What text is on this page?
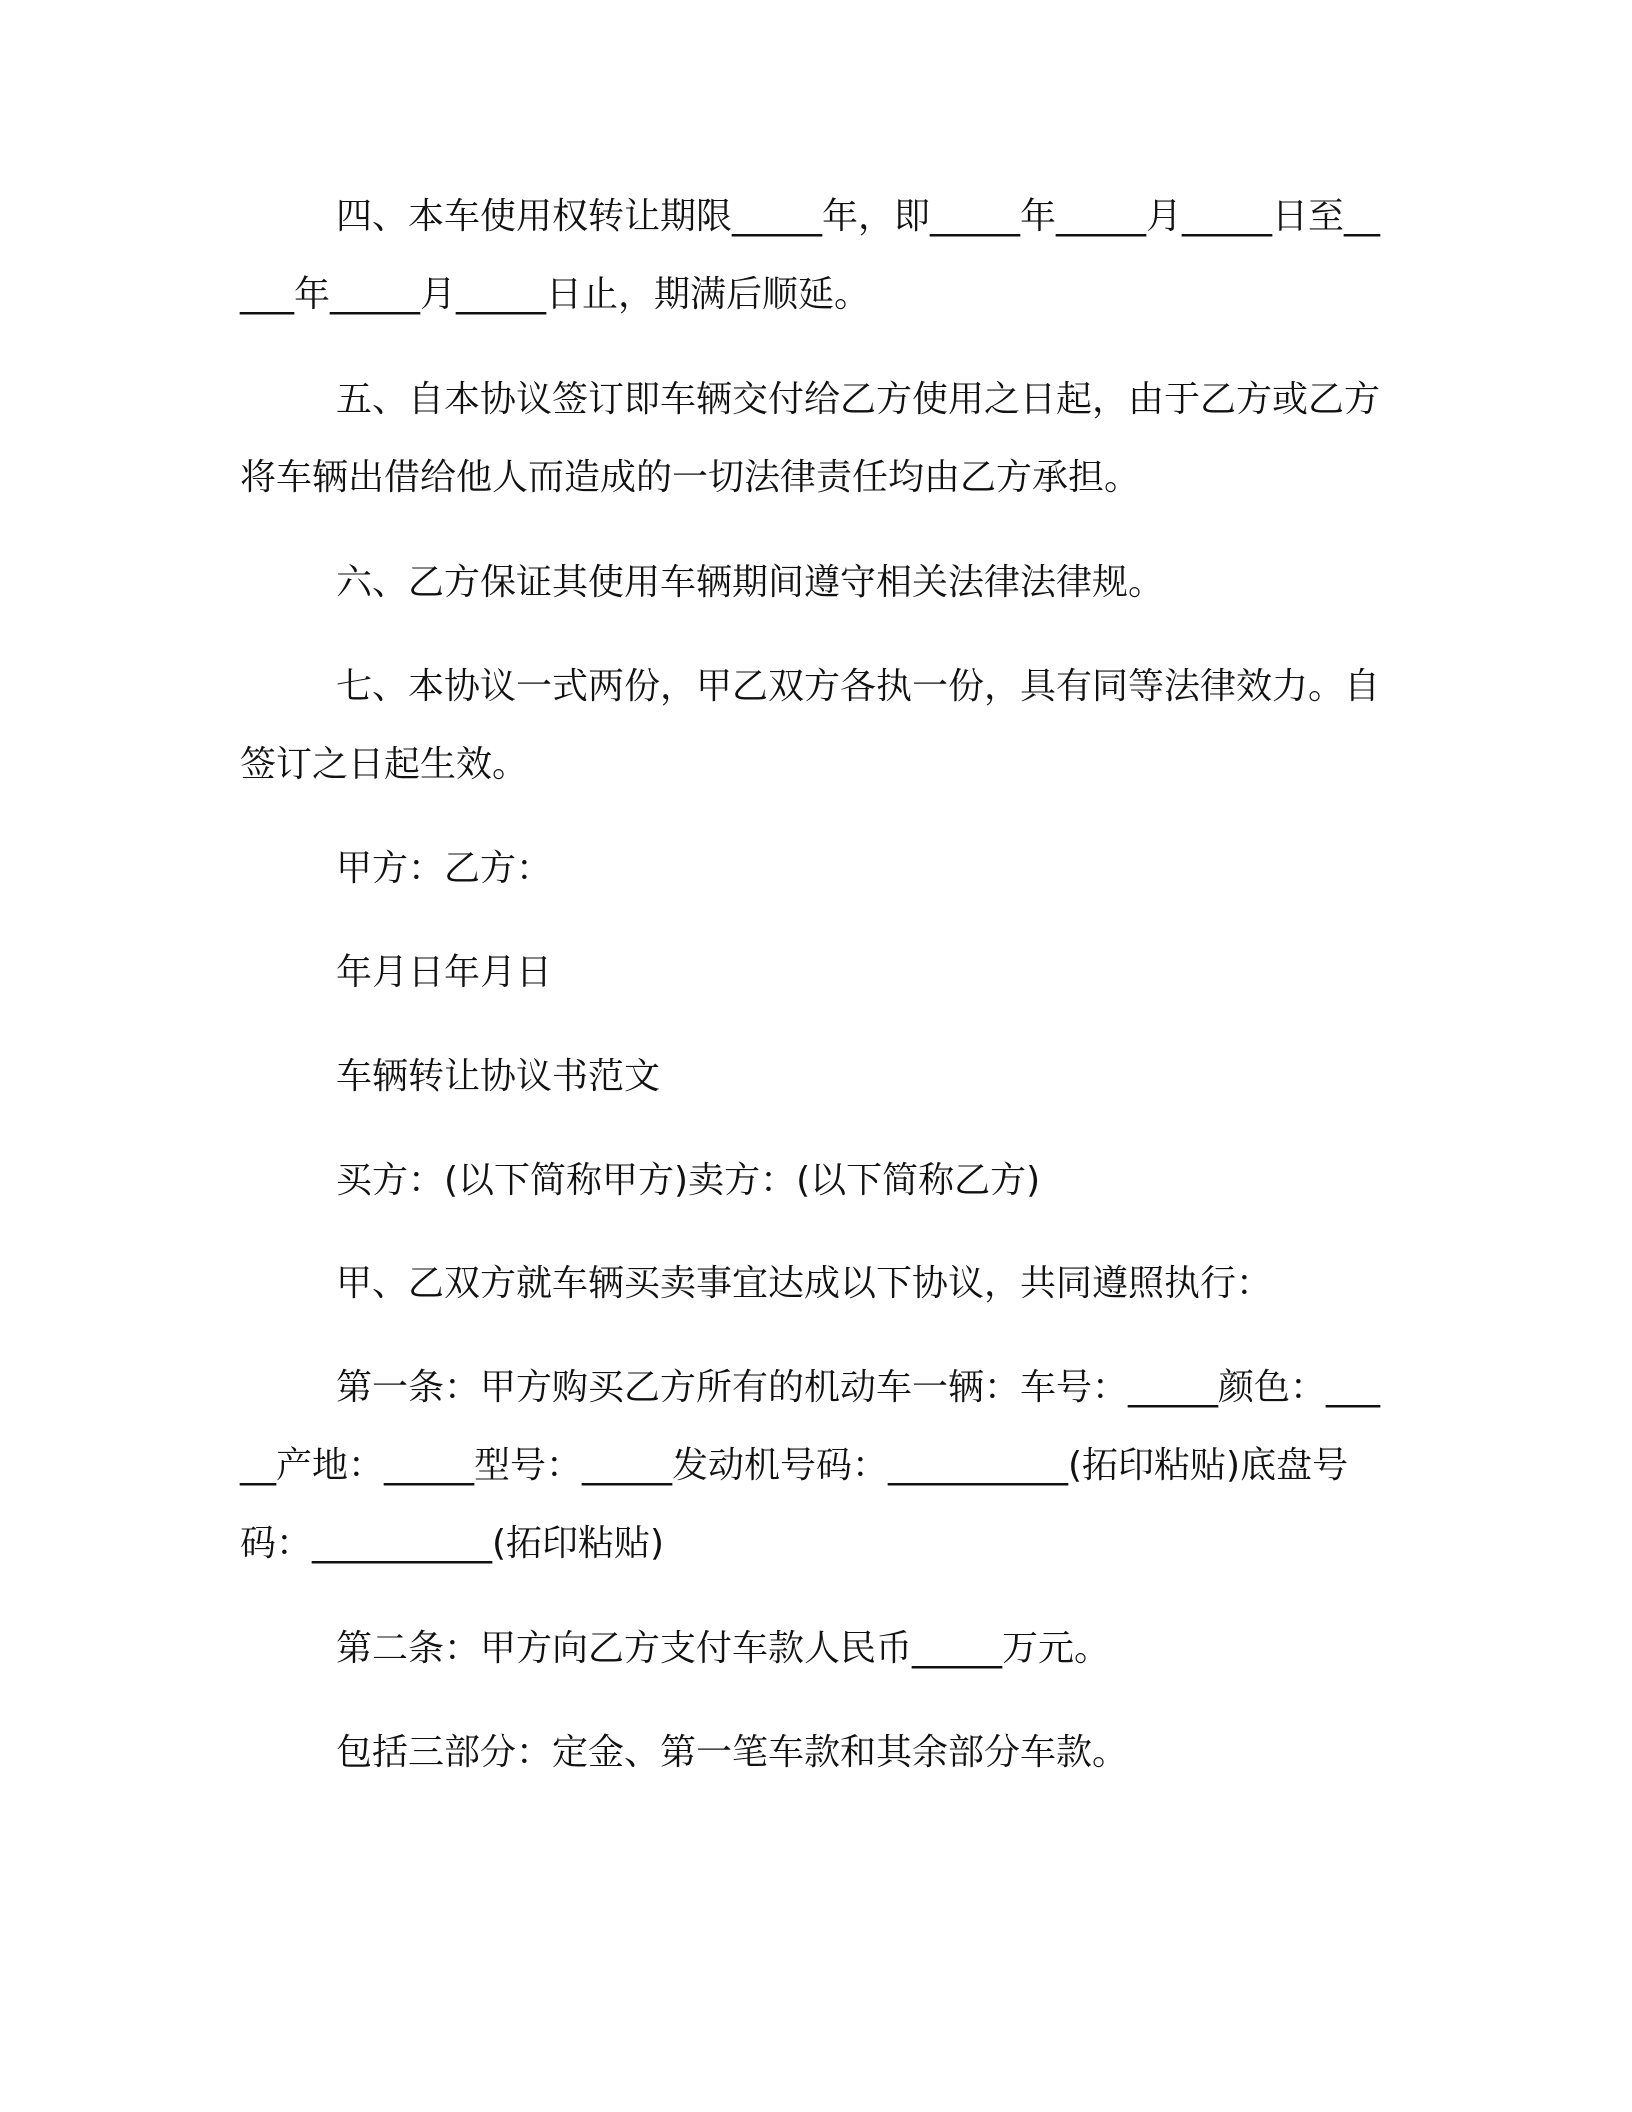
四、本车使用权转让期限_____年，即_____年_____月_____日至_____年_____月_____日止，期满后顺延。

五、自本协议签订即车辆交付给乙方使用之日起，由于乙方或乙方将车辆出借给他人而造成的一切法律责任均由乙方承担。

六、乙方保证其使用车辆期间遵守相关法律法律规。

七、本协议一式两份，甲乙双方各执一份，具有同等法律效力。自签订之日起生效。

甲方：乙方：

年月日年月日

车辆转让协议书范文

买方：(以下简称甲方)卖方：(以下简称乙方)

甲、乙双方就车辆买卖事宜达成以下协议，共同遵照执行：

第一条：甲方购买乙方所有的机动车一辆：车号：_____颜色：_____产地：_____型号：_____发动机号码：__________(拓印粘贴)底盘号码：__________(拓印粘贴)

第二条：甲方向乙方支付车款人民币_____万元。

包括三部分：定金、第一笔车款和其余部分车款。
